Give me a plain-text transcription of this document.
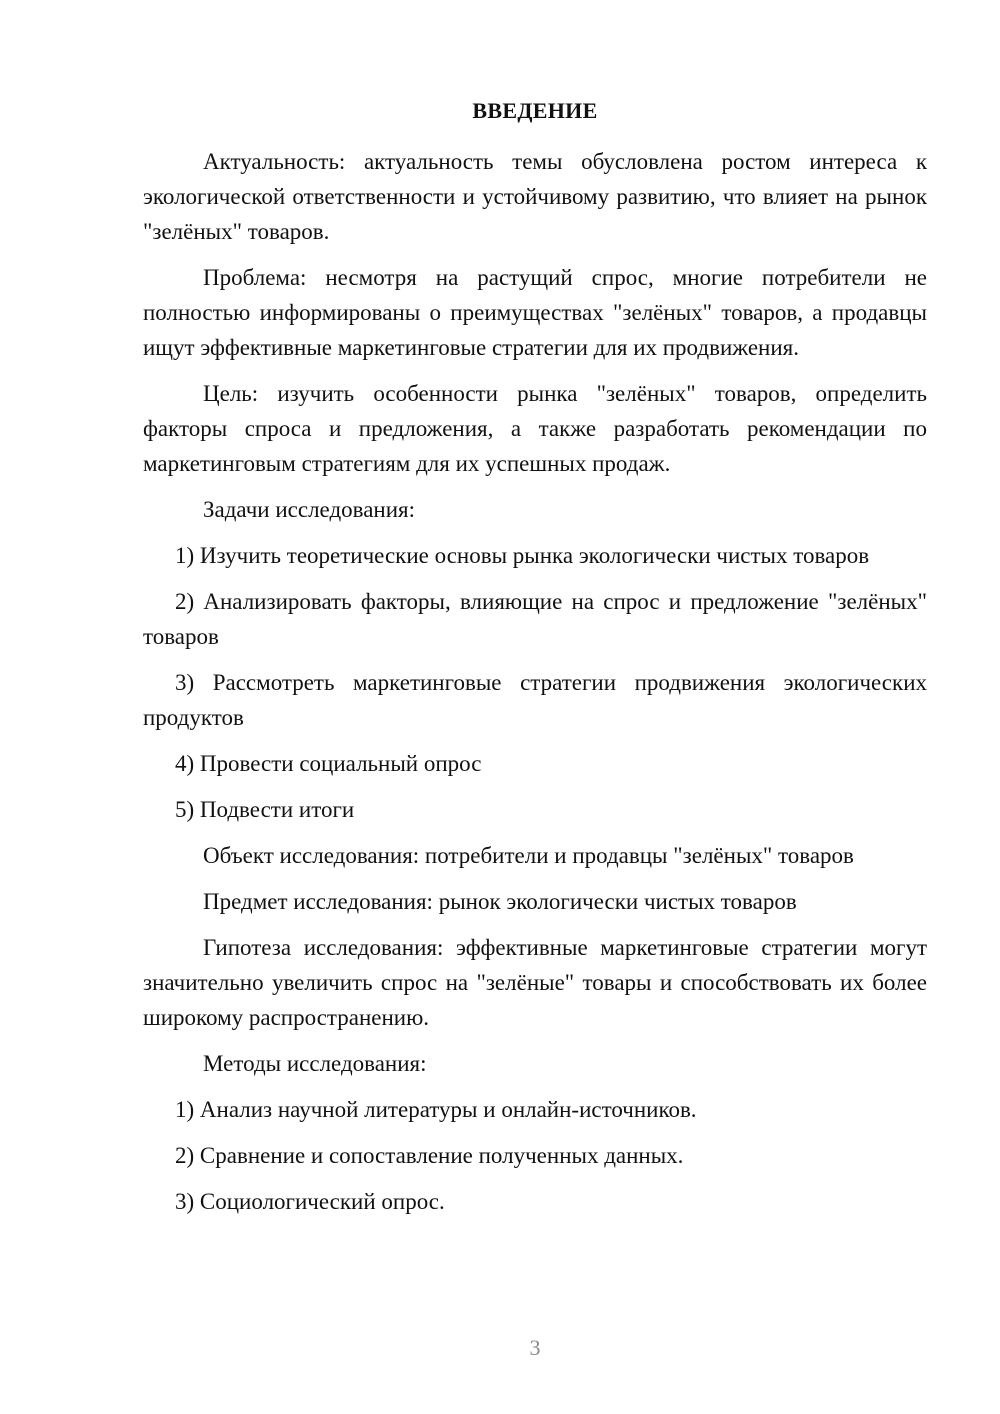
ВВЕДЕНИЕ

Актуальность: актуальность темы обусловлена ростом интереса к экологической ответственности и устойчивому развитию, что влияет на рынок "зелёных" товаров.

Проблема: несмотря на растущий спрос, многие потребители не полностью информированы о преимуществах "зелёных" товаров, а продавцы ищут эффективные маркетинговые стратегии для их продвижения.

Цель: изучить особенности рынка "зелёных" товаров, определить факторы спроса и предложения, а также разработать рекомендации по маркетинговым стратегиям для их успешных продаж.

Задачи исследования:

1) Изучить теоретические основы рынка экологически чистых товаров

2) Анализировать факторы, влияющие на спрос и предложение "зелёных" товаров

3) Рассмотреть маркетинговые стратегии продвижения экологических продуктов

4) Провести социальный опрос

5) Подвести итоги

Объект исследования: потребители и продавцы "зелёных" товаров

Предмет исследования: рынок экологически чистых товаров

Гипотеза исследования: эффективные маркетинговые стратегии могут значительно увеличить спрос на "зелёные" товары и способствовать их более широкому распространению.

Методы исследования:

1) Анализ научной литературы и онлайн-источников.

2) Сравнение и сопоставление полученных данных.

3) Социологический опрос.

3
